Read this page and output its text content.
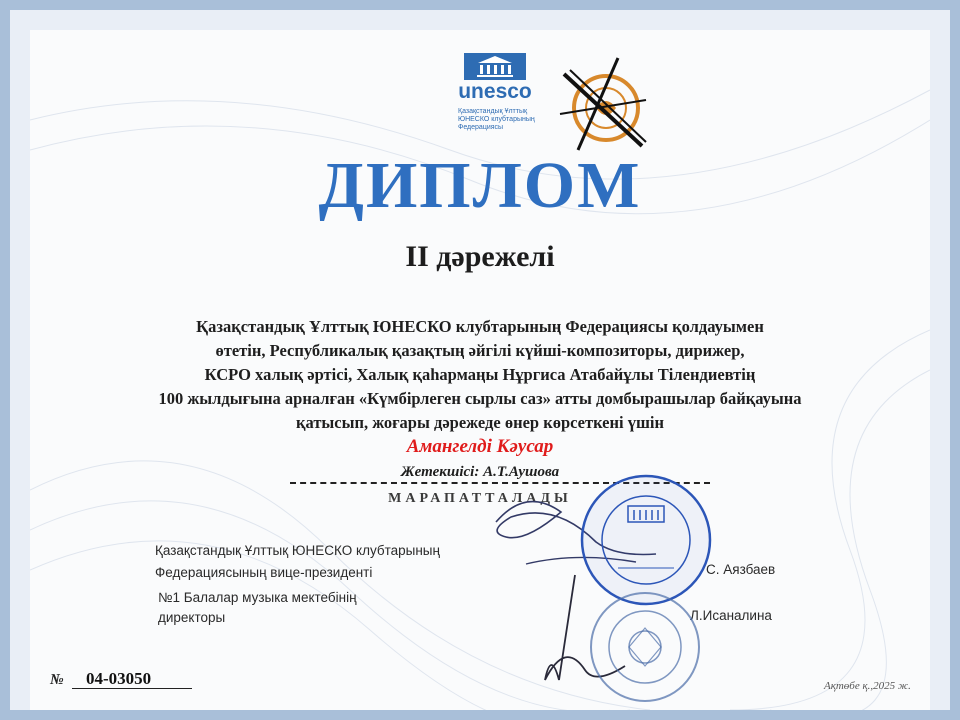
unesco
Қазақстандық Ұлттық
ЮНЕСКО клубтарының
Федерациясы
ДИПЛОМ
II дәрежелі
Қазақстандық Ұлттық ЮНЕСКО клубтарының Федерациясы қолдауымен
өтетін, Республикалық қазақтың әйгілі күйші-композиторы, дирижер,
КСРО халық әртісі, Халық қаһармаңы Нұргиса Атабайұлы Тілендиевтің
100 жылдығына арналған «Күмбірлеген сырлы саз» атты домбырашылар байқауына
қатысып, жоғары дәрежеде өнер көрсеткені үшін
Амангелді Кәусар
Жетекшісі: А.Т.Аушова
МАРАПАТТАЛАДЫ
Қазақстандық Ұлттық ЮНЕСКО клубтарының
Федерациясының вице-президенті	С. Аязбаев
№1 Балалар музыка мектебінің
директоры	Л.Исаналина
№ 04-03050	Ақтөбе қ.,2025 ж.
